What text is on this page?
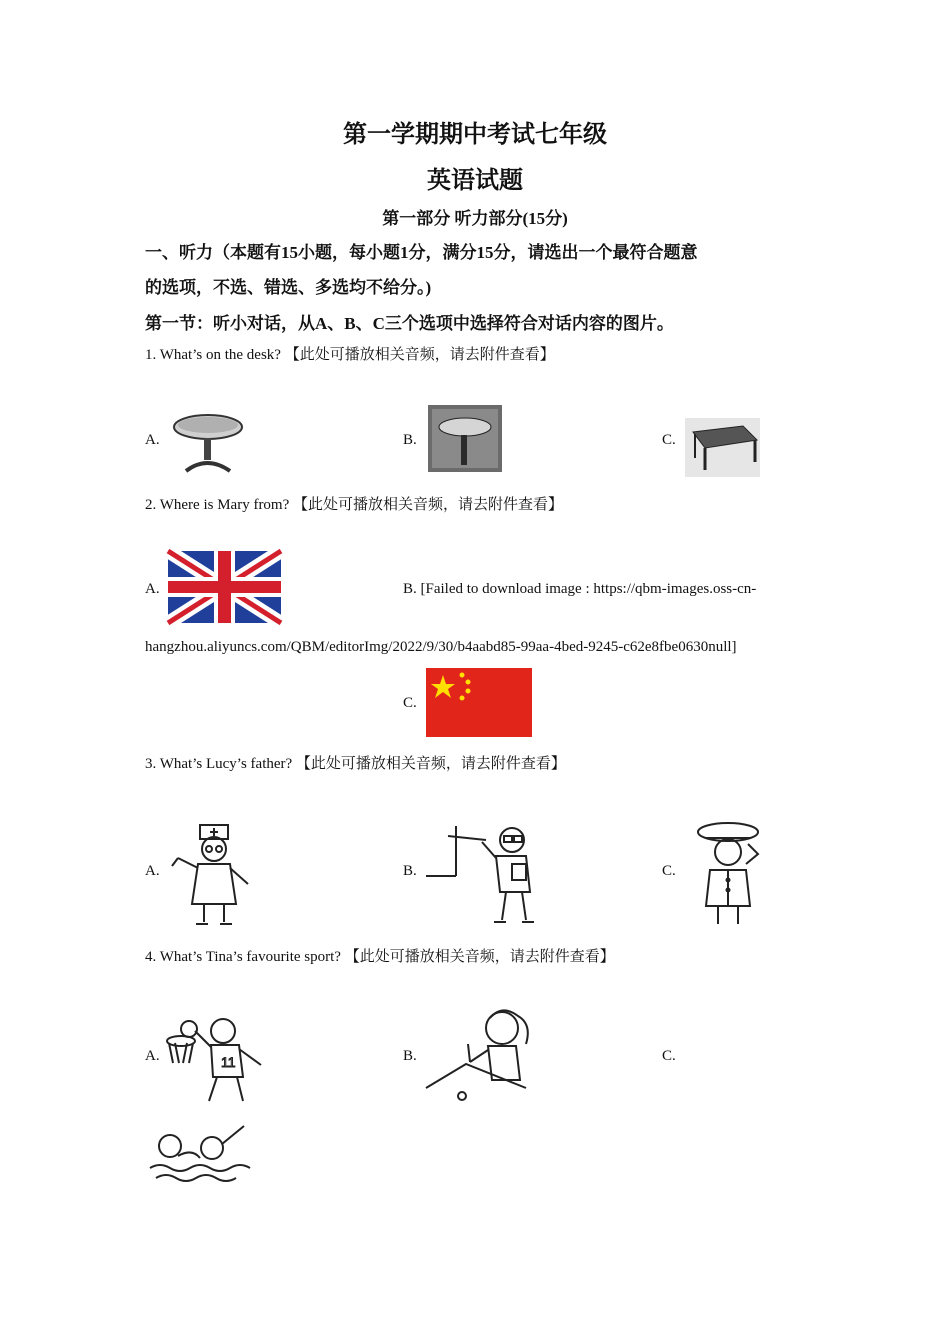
第一学期期中考试七年级
英语试题
第一部分 听力部分(15分)
一、听力（本题有15小题，每小题1分，满分15分，请选出一个最符合题意
的选项，不选、错选、多选均不给分。)
第一节：听小对话，从A、B、C三个选项中选择符合对话内容的图片。
1. What’s on the desk? 【此处可播放相关音频，请去附件查看】
A.	B.	C.
2. Where is Mary from? 【此处可播放相关音频，请去附件查看】
A.	B. [Failed to download image : https://qbm-images.oss-cn-
hangzhou.aliyuncs.com/QBM/editorImg/2022/9/30/b4aabd85-99aa-4bed-9245-c62e8fbe0630null]
C.
3. What’s Lucy’s father? 【此处可播放相关音频，请去附件查看】
A.	B.	C.
4. What’s Tina’s favourite sport? 【此处可播放相关音频，请去附件查看】
A.	11	B.	C.
